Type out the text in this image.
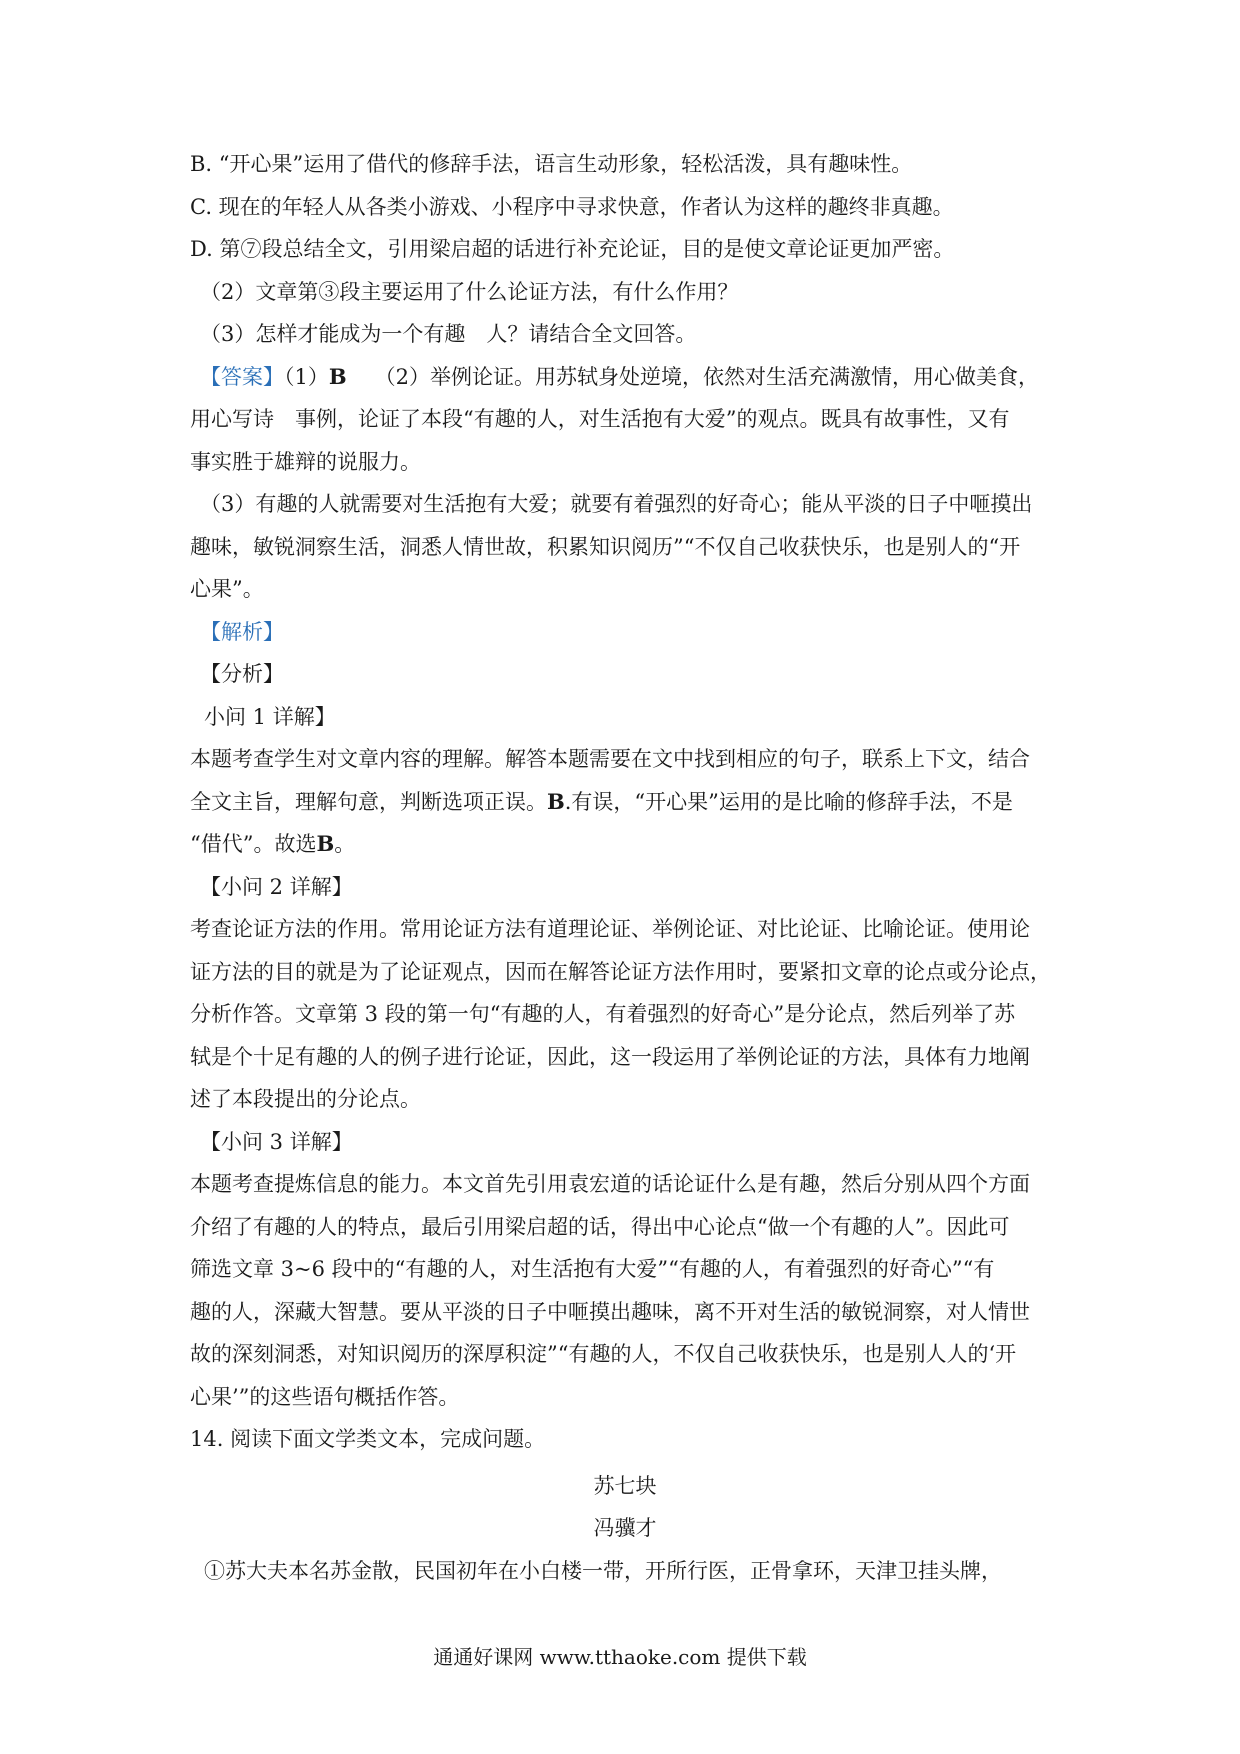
B. “开心果”运用了借代的修辞手法，语言生动形象，轻松活泼，具有趣味性。

C. 现在的年轻人从各类小游戏、小程序中寻求快意，作者认为这样的趣终非真趣。

D. 第⑦段总结全文，引用梁启超的话进行补充论证，目的是使文章论证更加严密。

（2）文章第③段主要运用了什么论证方法，有什么作用？

（3）怎样才能成为一个有趣　人？请结合全文回答。

【答案】（1）B （2）举例论证。用苏轼身处逆境，依然对生活充满激情，用心做美食，

用心写诗　事例，论证了本段“有趣的人，对生活抱有大爱”的观点。既具有故事性，又有

事实胜于雄辩的说服力。

（3）有趣的人就需要对生活抱有大爱；就要有着强烈的好奇心；能从平淡的日子中咂摸出

趣味，敏锐洞察生活，洞悉人情世故，积累知识阅历”“不仅自己收获快乐，也是别人的“开

心果”。

【解析】

【分析】

小问 1 详解】

本题考查学生对文章内容的理解。解答本题需要在文中找到相应的句子，联系上下文，结合

全文主旨，理解句意，判断选项正误。B.有误，“开心果”运用的是比喻的修辞手法，不是

“借代”。故选B。

【小问 2 详解】

考查论证方法的作用。常用论证方法有道理论证、举例论证、对比论证、比喻论证。使用论

证方法的目的就是为了论证观点，因而在解答论证方法作用时，要紧扣文章的论点或分论点，

分析作答。文章第 3 段的第一句“有趣的人，有着强烈的好奇心”是分论点，然后列举了苏

轼是个十足有趣的人的例子进行论证，因此，这一段运用了举例论证的方法，具体有力地阐

述了本段提出的分论点。

【小问 3 详解】

本题考查提炼信息的能力。本文首先引用袁宏道的话论证什么是有趣，然后分别从四个方面

介绍了有趣的人的特点，最后引用梁启超的话，得出中心论点“做一个有趣的人”。因此可

筛选文章 3~6 段中的“有趣的人，对生活抱有大爱”“有趣的人，有着强烈的好奇心”“有

趣的人，深藏大智慧。要从平淡的日子中咂摸出趣味，离不开对生活的敏锐洞察，对人情世

故的深刻洞悉，对知识阅历的深厚积淀”“有趣的人，不仅自己收获快乐，也是别人人的‘开

心果’”的这些语句概括作答。

14. 阅读下面文学类文本，完成问题。

苏七块

冯骥才

①苏大夫本名苏金散，民国初年在小白楼一带，开所行医，正骨拿环，天津卫挂头牌，

通通好课网 www.tthaoke.com 提供下载
